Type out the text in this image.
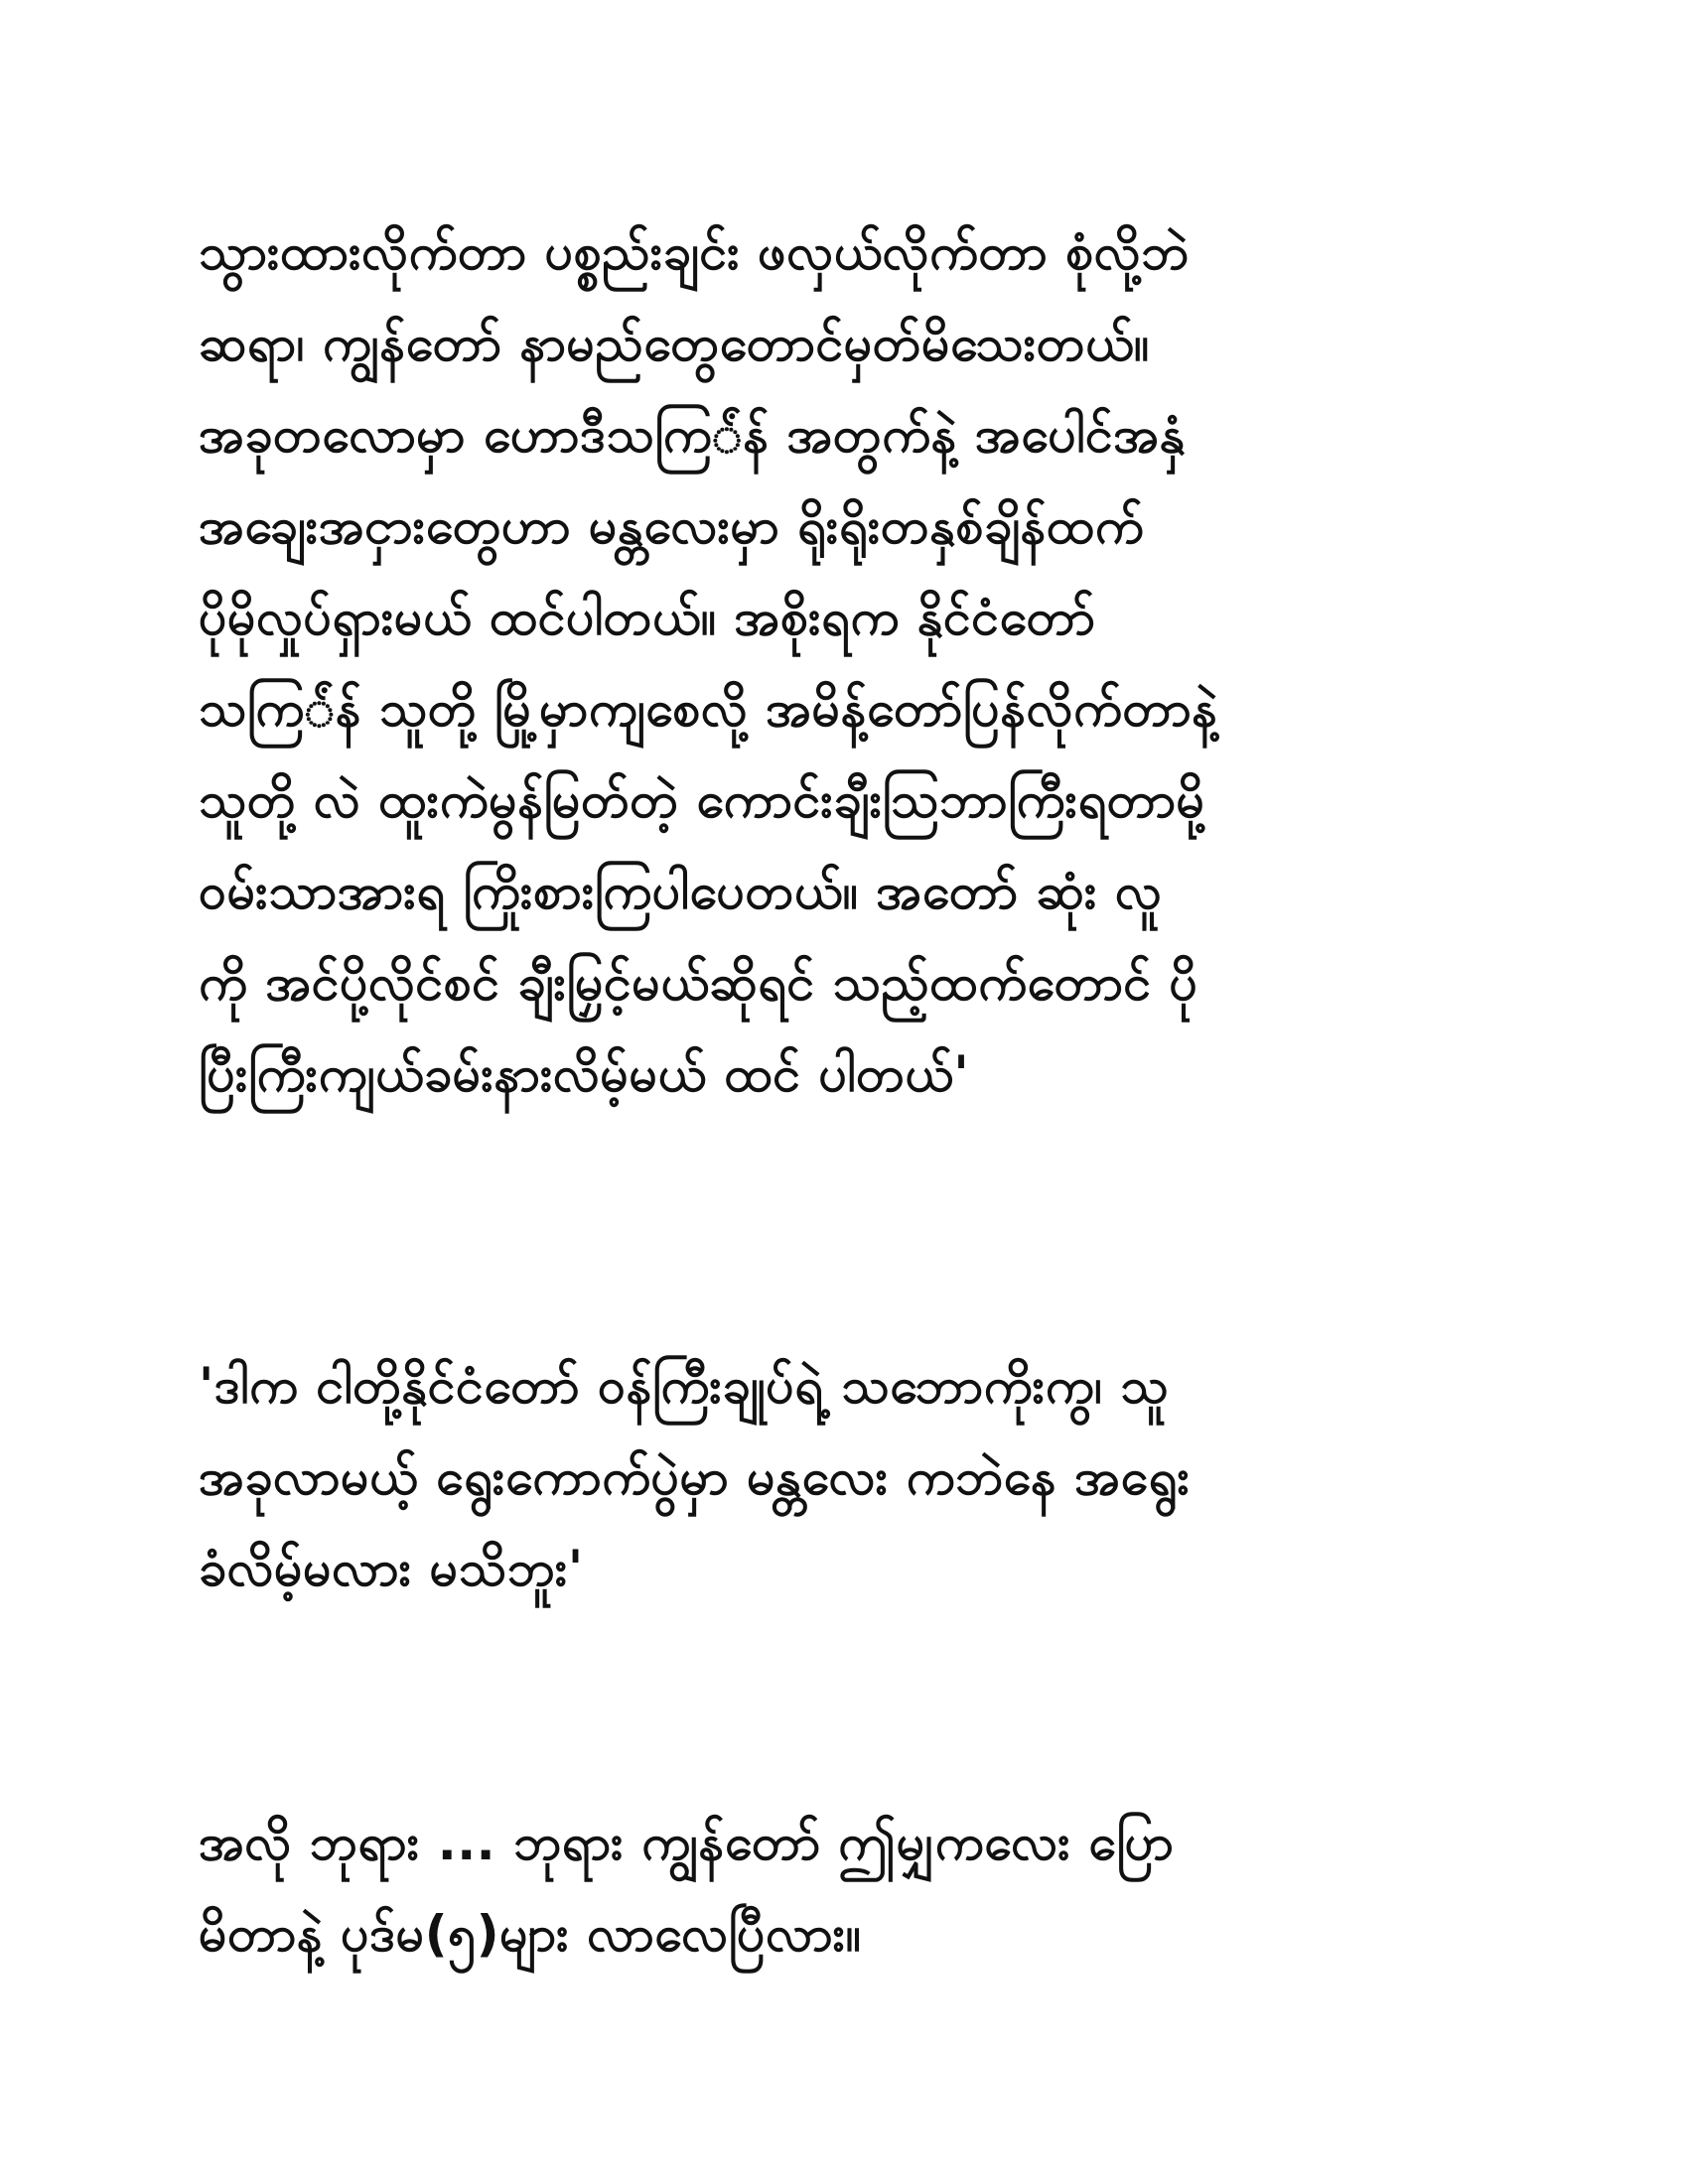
သွားထားလိုက်တာ ပစ္စည်းချင်း ဖလှယ်လိုက်တာ စုံလို့ဘဲ
ဆရာ၊ ကျွန်တော် နာမည်တွေတောင်မှတ်မိသေးတယ်။
အခုတလောမှာ ဟောဒီသကြ်ံန် အတွက်နဲ့ အပေါင်အနှံ
အချေးအငှားတွေဟာ မန္တလေးမှာ ရိုးရိုးတနှစ်ချိန်ထက်
ပိုမိုလှုပ်ရှားမယ် ထင်ပါတယ်။ အစိုးရက နိုင်ငံတော်
သကြ်ံန် သူတို့ မြို့မှာကျစေလို့ အမိန့်တော်ပြန်လိုက်တာနဲ့
သူတို့ လဲ ထူးကဲမွန်မြတ်တဲ့ ကောင်းချီးသြဘာကြီးရတာမို့
ဝမ်းသာအားရ ကြိုးစားကြပါပေတယ်။ အတော် ဆုံး လူ
ကို အင်ပို့လိုင်စင် ချီးမြှင့်မယ်ဆိုရင် သည့်ထက်တောင် ပို
ပြီးကြီးကျယ်ခမ်းနားလိမ့်မယ် ထင် ပါတယ်'
'ဒါက ငါတို့နိုင်ငံတော် ဝန်ကြီးချုပ်ရဲ့ သဘောကိုးကွ၊ သူ
အခုလာမယ့် ရွေးကောက်ပွဲမှာ မန္တလေး ကဘဲနေ အရွေး
ခံလိမ့်မလား မသိဘူး'
အလို ဘုရား ... ဘုရား ကျွန်တော် ဤမျှကလေး ပြော
မိတာနဲ့ ပုဒ်မ(၅)များ လာလေပြီလား။
